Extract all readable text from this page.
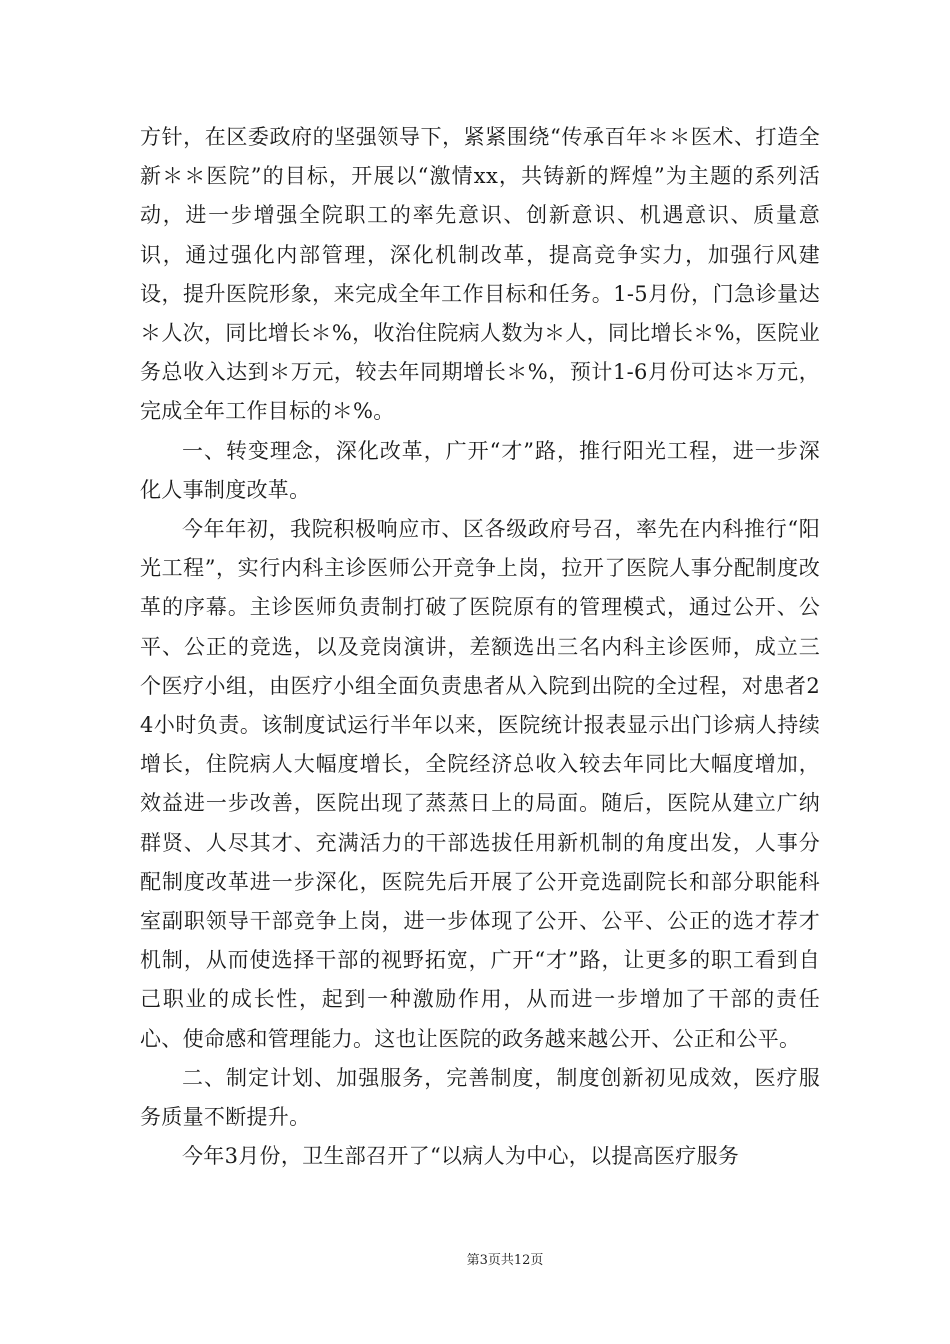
方针，在区委政府的坚强领导下，紧紧围绕“传承百年＊＊医术、打造全新＊＊医院”的目标，开展以“激情xx，共铸新的辉煌”为主题的系列活动，进一步增强全院职工的率先意识、创新意识、机遇意识、质量意识，通过强化内部管理，深化机制改革，提高竞争实力，加强行风建设，提升医院形象，来完成全年工作目标和任务。1-5月份，门急诊量达＊人次，同比增长＊%，收治住院病人数为＊人，同比增长＊%，医院业务总收入达到＊万元，较去年同期增长＊%，预计1-6月份可达＊万元，完成全年工作目标的＊%。

一、转变理念，深化改革，广开“才”路，推行阳光工程，进一步深化人事制度改革。

今年年初，我院积极响应市、区各级政府号召，率先在内科推行“阳光工程”，实行内科主诊医师公开竞争上岗，拉开了医院人事分配制度改革的序幕。主诊医师负责制打破了医院原有的管理模式，通过公开、公平、公正的竞选，以及竞岗演讲，差额选出三名内科主诊医师，成立三个医疗小组，由医疗小组全面负责患者从入院到出院的全过程，对患者24小时负责。该制度试运行半年以来，医院统计报表显示出门诊病人持续增长，住院病人大幅度增长，全院经济总收入较去年同比大幅度增加，效益进一步改善，医院出现了蒸蒸日上的局面。随后，医院从建立广纳群贤、人尽其才、充满活力的干部选拔任用新机制的角度出发，人事分配制度改革进一步深化，医院先后开展了公开竞选副院长和部分职能科室副职领导干部竞争上岗，进一步体现了公开、公平、公正的选才荐才机制，从而使选择干部的视野拓宽，广开“才”路，让更多的职工看到自己职业的成长性，起到一种激励作用，从而进一步增加了干部的责任心、使命感和管理能力。这也让医院的政务越来越公开、公正和公平。

二、制定计划、加强服务，完善制度，制度创新初见成效，医疗服务质量不断提升。

今年3月份，卫生部召开了“以病人为中心，以提高医疗服务

第3页共12页
